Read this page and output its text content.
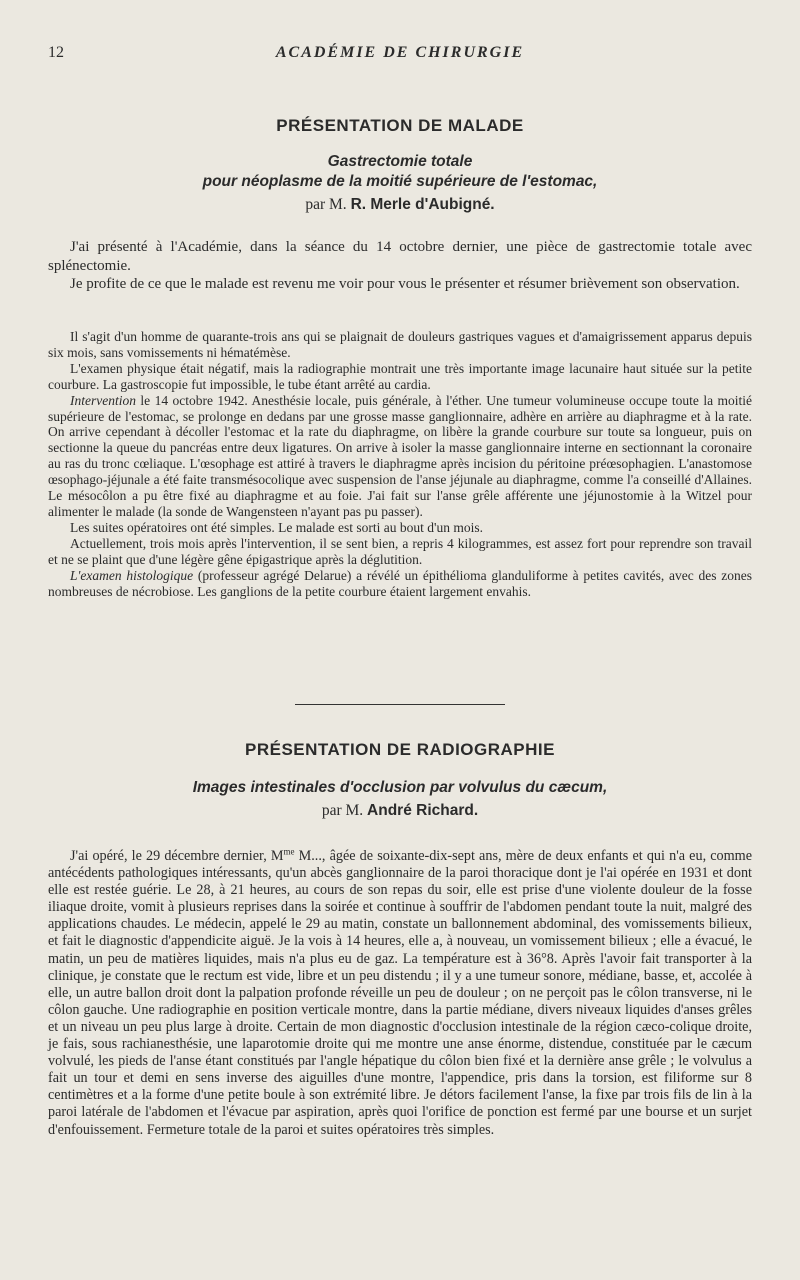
12	ACADÉMIE DE CHIRURGIE
PRÉSENTATION DE MALADE
Gastrectomie totale
pour néoplasme de la moitié supérieure de l'estomac,
par M. R. Merle d'Aubigné.

J'ai présenté à l'Académie, dans la séance du 14 octobre dernier, une pièce de gastrectomie totale avec splénectomie.

Je profite de ce que le malade est revenu me voir pour vous le présenter et résumer brièvement son observation.

Il s'agit d'un homme de quarante-trois ans qui se plaignait de douleurs gastriques vagues et d'amaigrissement apparus depuis six mois, sans vomissements ni hématémèse.

L'examen physique était négatif, mais la radiographie montrait une très importante image lacunaire haut située sur la petite courbure. La gastroscopie fut impossible, le tube étant arrêté au cardia.

Intervention le 14 octobre 1942. Anesthésie locale, puis générale, à l'éther. Une tumeur volumineuse occupe toute la moitié supérieure de l'estomac, se prolonge en dedans par une grosse masse ganglionnaire, adhère en arrière au diaphragme et à la rate. On arrive cependant à décoller l'estomac et la rate du diaphragme, on libère la grande courbure sur toute sa longueur, puis on sectionne la queue du pancréas entre deux ligatures. On arrive à isoler la masse ganglionnaire interne en sectionnant la coronaire au ras du tronc cœliaque. L'œsophage est attiré à travers le diaphragme après incision du péritoine préœsophagien. L'anastomose œsophago-jéjunale a été faite transmésocolique avec suspension de l'anse jéjunale au diaphragme, comme l'a conseillé d'Allaines. Le mésocôlon a pu être fixé au diaphragme et au foie. J'ai fait sur l'anse grêle afférente une jéjunostomie à la Witzel pour alimenter le malade (la sonde de Wangensteen n'ayant pas pu passer).

Les suites opératoires ont été simples. Le malade est sorti au bout d'un mois.

Actuellement, trois mois après l'intervention, il se sent bien, a repris 4 kilogrammes, est assez fort pour reprendre son travail et ne se plaint que d'une légère gêne épigastrique après la déglutition.

L'examen histologique (professeur agrégé Delarue) a révélé un épithélioma glanduliforme à petites cavités, avec des zones nombreuses de nécrobiose. Les ganglions de la petite courbure étaient largement envahis.

PRÉSENTATION DE RADIOGRAPHIE
Images intestinales d'occlusion par volvulus du cæcum,
par M. André Richard.

J'ai opéré, le 29 décembre dernier, $M^{me}$ M..., âgée de soixante-dix-sept ans, mère de deux enfants et qui n'a eu, comme antécédents pathologiques intéressants, qu'un abcès ganglionnaire de la paroi thoracique dont je l'ai opérée en 1931 et dont elle est restée guérie. Le 28, à 21 heures, au cours de son repas du soir, elle est prise d'une violente douleur de la fosse iliaque droite, vomit à plusieurs reprises dans la soirée et continue à souffrir de l'abdomen pendant toute la nuit, malgré des applications chaudes. Le médecin, appelé le 29 au matin, constate un ballonnement abdominal, des vomissements bilieux, et fait le diagnostic d'appendicite aiguë. Je la vois à 14 heures, elle a, à nouveau, un vomissement bilieux ; elle a évacué, le matin, un peu de matières liquides, mais n'a plus eu de gaz. La température est à 36°8. Après l'avoir fait transporter à la clinique, je constate que le rectum est vide, libre et un peu distendu ; il y a une tumeur sonore, médiane, basse, et, accolée à elle, un autre ballon droit dont la palpation profonde réveille un peu de douleur ; on ne perçoit pas le côlon transverse, ni le côlon gauche. Une radiographie en position verticale montre, dans la partie médiane, divers niveaux liquides d'anses grêles et un niveau un peu plus large à droite. Certain de mon diagnostic d'occlusion intestinale de la région cæco-colique droite, je fais, sous rachianesthésie, une laparotomie droite qui me montre une anse énorme, distendue, constituée par le cæcum volvulé, les pieds de l'anse étant constitués par l'angle hépatique du côlon bien fixé et la dernière anse grêle ; le volvulus a fait un tour et demi en sens inverse des aiguilles d'une montre, l'appendice, pris dans la torsion, est filiforme sur 8 centimètres et a la forme d'une petite boule à son extrémité libre. Je détors facilement l'anse, la fixe par trois fils de lin à la paroi latérale de l'abdomen et l'évacue par aspiration, après quoi l'orifice de ponction est fermé par une bourse et un surjet d'enfouissement. Fermeture totale de la paroi et suites opératoires très simples.
